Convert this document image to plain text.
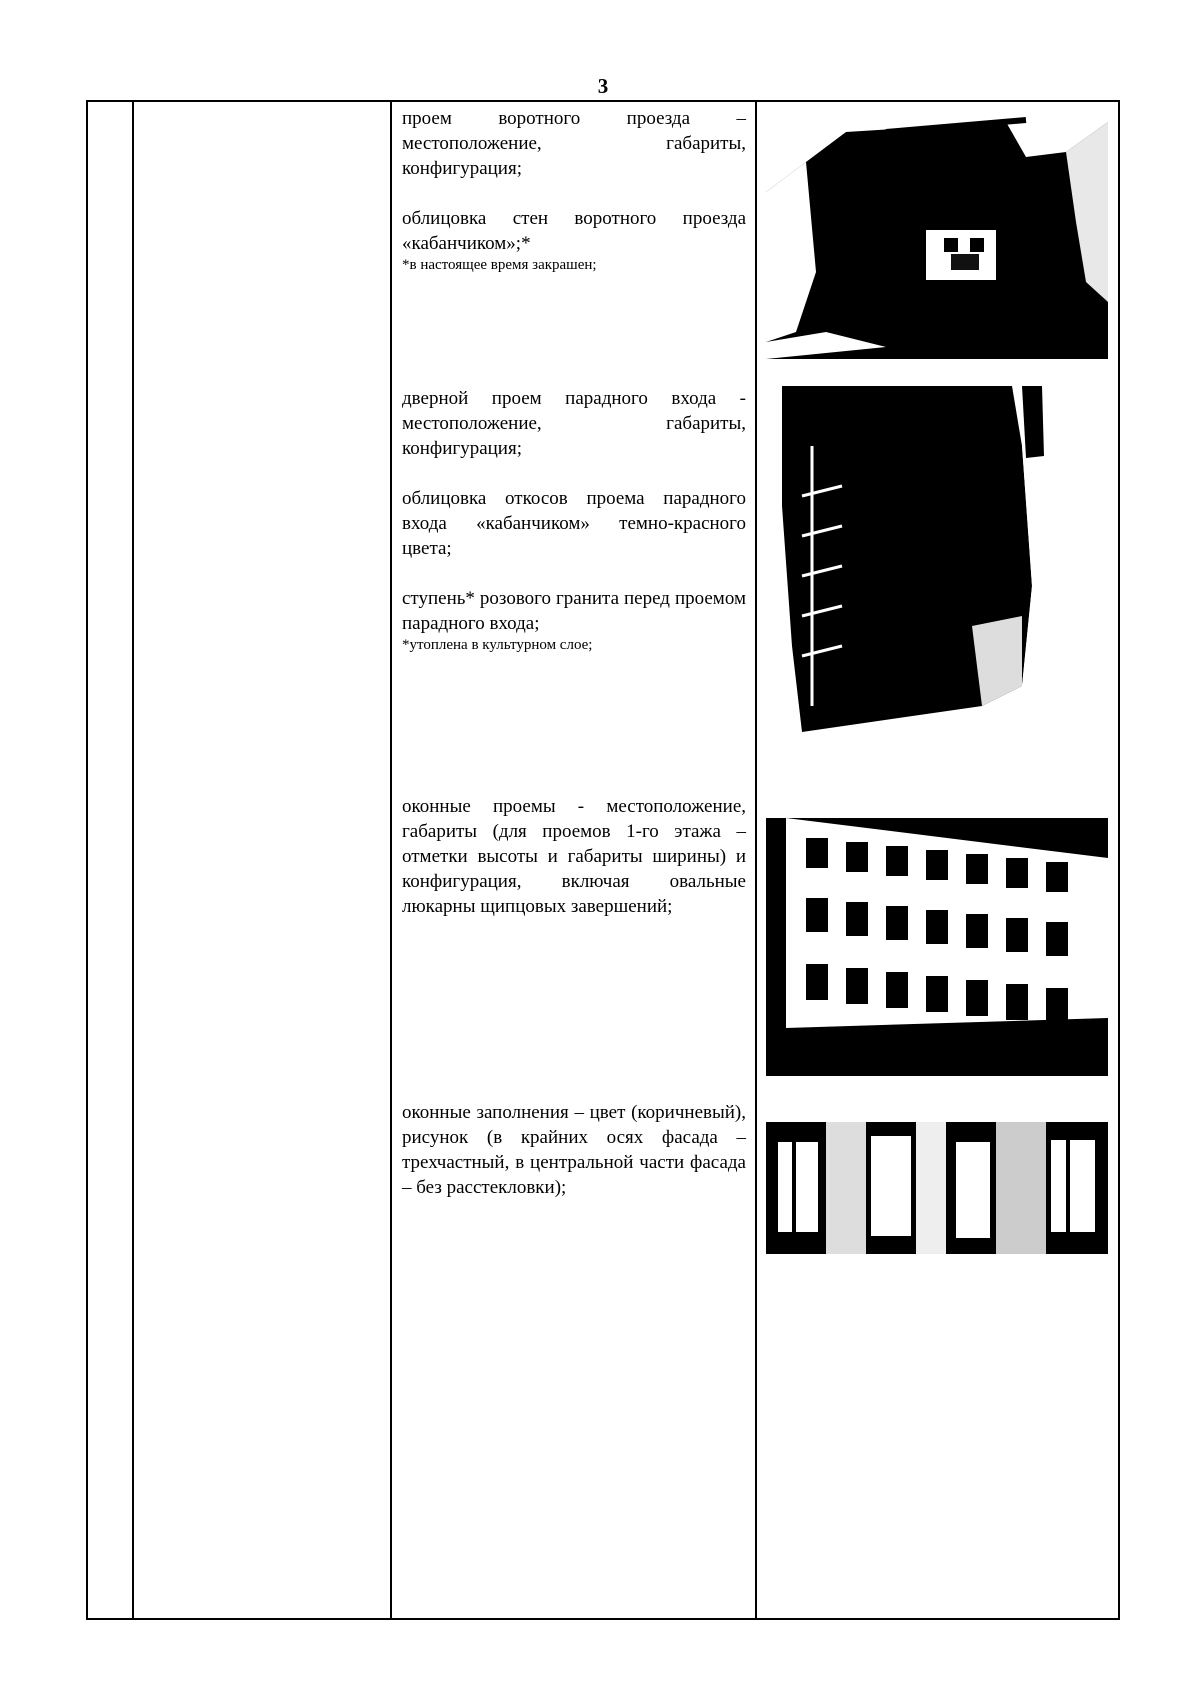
3

проем воротного проезда – местоположение, габариты, конфигурация;

облицовка стен воротного проезда «кабанчиком»;*

*в настоящее время закрашен;

дверной проем парадного входа - местоположение, габариты, конфигурация;

облицовка откосов проема парадного входа «кабанчиком» темно-красного цвета;

ступень* розового гранита перед проемом парадного входа;

*утоплена в культурном слое;

оконные проемы - местоположение, габариты (для проемов 1-го этажа – отметки высоты и габариты ширины) и конфигурация, включая овальные люкарны щипцовых завершений;

оконные заполнения – цвет (коричневый), рисунок (в крайних осях фасада – трехчастный, в центральной части фасада – без расстекловки);
